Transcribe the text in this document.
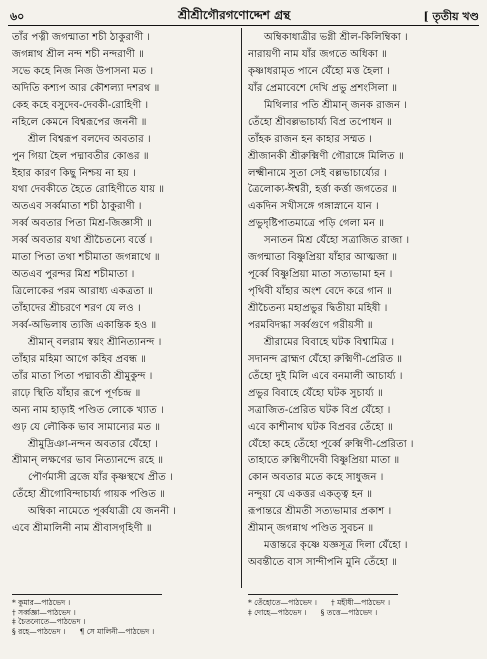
৬০	শ্রীশ্রীগৌরগণোদ্দেশ গ্রন্থ	[ তৃতীয় খণ্ড
তাঁর পত্নী জগন্মাতা শচী ঠাকুরাণী ।
জগন্নাথ শ্রীল নন্দ শচী নন্দরাণী ॥
সভে কহে নিজ নিজ উপাসনা মত ।
অদিতি কশ্যপ আর কৌশল্যা দশরথ ॥
কেহ কহে বসুদেব-দেবকী-রোহিণী ।
নহিলে কেমনে বিশ্বরূপের জননী ॥
শ্রীল বিশ্বরূপ বলদেব অবতার ।
পুন গিয়া হৈল পদ্মাবতীর কোঙর ॥
ইহার কারণ কিছু নিশ্চয় না হয় ।
যথা দেবকীতে হৈতে রোহিণীতে যায় ॥
অতএব সর্ব্বমাতা শচী ঠাকুরাণী ।
সর্ব্ব অবতার পিতা মিশ্র-জিজ্ঞাসী ॥
সর্ব্ব অবতার যথা শ্রীচৈতন্যে বর্ত্তে ।
মাতা পিতা তথা শচীমাতা জগন্নাথে ॥
অতএব পুরন্দর মিশ্র শচীমাতা ।
ত্রিলোকের পরম আরাধ্য একত্রতা ॥
তাঁহাদের শ্রীচরণে শরণ যে লও ।
সর্ব্ব-অভিলাষ ত্যজি একান্তিক হও ॥
শ্রীমান্ বলরাম স্বয়ং শ্রীনিত্যানন্দ ।
তাঁহার মহিমা আগে কহিব প্রবন্ধ ॥
তাঁর মাতা পিতা পদ্মাবতী শ্রীমুকুন্দ ।
রাঢ়ে স্থিতি যাঁহার রূপে পূর্ণচন্দ্র ॥
অন্য নাম হাড়াই পণ্ডিত লোকে খ্যাত ।
গুঢ় যে লৌকিক ভাব সামান্যের মত ॥
শ্রীমুদ্রিঞা-নন্দন অবতার যেঁহো ।
শ্রীমান্ লক্ষণের ভাব নিত্যানন্দে রহে ॥
পৌর্ণমাসী ব্রজে যাঁর কৃষ্ণস্থখে প্রীত ।
তেঁহো শ্রীগোবিন্দাচার্য্য গায়ক পণ্ডিত ॥
অম্বিকা নামেতে পূর্ব্বযাত্রী যে জননী ।
এবে শ্রীমালিনী নাম শ্রীবাসগৃহিণী ॥
অম্বিকাধাত্রীর ভগ্নী শ্রীল-কিলিম্বিকা ।
নারায়ণী নাম যাঁর জগতে অধিকা ॥
কৃষ্ণাধরামৃত পানে যেঁহো মত্ত হৈলা ।
যাঁর প্রেমাবেশে দেখি প্রভু প্রশংসিলা ॥
মিথিলার পতি শ্রীমান্ জনক রাজন ।
তেঁহো শ্রীবল্লভাচার্য্য বিপ্র তপোধন ॥
তাঁহক রাজন হন কাহার সম্মত ।
শ্রীজানকী শ্রীরুক্মিণী গৌরাঙ্গে মিলিত ॥
লক্ষ্মীনামে সুতা সেই বল্লভাচার্য্যের ।
ত্রৈলোক্য-ঈশ্বরী, হর্ত্তা কর্ত্তা জগতের ॥
একদিন সখীসঙ্গে গঙ্গাস্নানে যান ।
প্রভুদৃষ্টিপাতমাত্রে পড়ি গেলা মন ॥
সনাতন মিশ্র যেঁহো সত্রাজিত রাজা ।
জগন্মাতা বিষ্ণুপ্রিয়া যাঁহার আত্মজা ॥
পূর্ব্বে বিষ্ণুপ্রিয়া মাতা সত্যভামা হন ।
পৃথিবী যাঁহার অংশ বেদে করে গান ॥
শ্রীচৈতন্য মহাপ্রভুর দ্বিতীয়া মহিষী ।
পরমবিদগ্ধা সর্ব্বগুণে গরীয়সী ॥
শ্রীরামের বিবাহে ঘটক বিশ্বামিত্র ।
সদানন্দ ব্রাহ্মণ যেঁহো রুক্মিণী-প্রেরিত ॥
তেঁহো দুই মিলি এবে বনমালী আচার্য্য ।
প্রভুর বিবাহে যেঁহো ঘটক সুচার্য্য ॥
সত্রাজিত-প্রেরিত ঘটক বিপ্র যেঁহো ।
এবে কাশীনাথ ঘটক বিপ্রবর তেঁহো ॥
যেঁহো কহে তেঁহো পূর্ব্বে রুক্মিণী-প্রেরিতা ।
তাহাতে রুক্মিণীদেবী বিষ্ণুপ্রিয়া মাতা ॥
কোন অবতার মতে কহে সাধুজন ।
নন্দুয়া যে একত্তর একত্ত্ব হন ॥
রূপান্তরে শ্রীমতী সত্যভামার প্রকাশ ।
শ্রীমান্ জগন্নাথ পণ্ডিত সুবচন ॥
মত্তান্তরে কৃষ্ণে যজ্ঞসূত্র দিলা যেঁহো ।
অবন্তীতে বাস সান্দীপনি মুনি তেঁহো ॥
* কুমার—পাঠভেদ ।
† সর্ব্বজ্ঞা—পাঠভেদ ।
‡ চৈতন্যেতে—পাঠভেদ ।
§ রহে—পাঠভেদ । ¶ সে মালিনী—পাঠভেদ ।
* তেঁহোতে—পাঠভেদ । † মহীষী—পাঠভেদ ।
‡ দোহে—পাঠভেদ । § তত্তে—পাঠভেদ ।
